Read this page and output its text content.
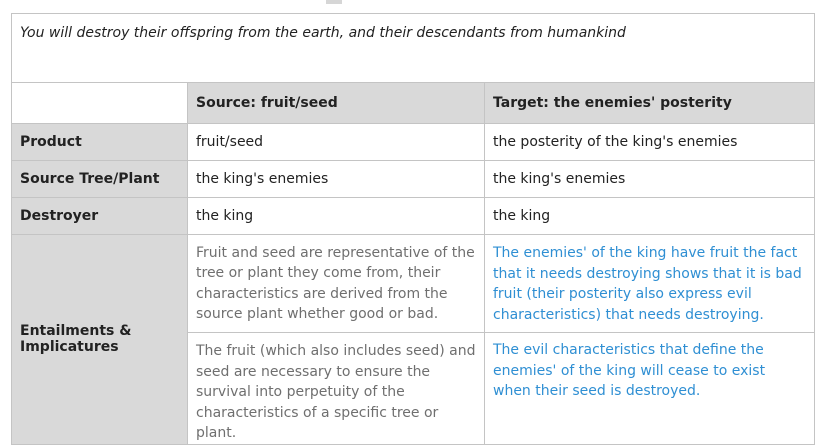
You will destroy their offspring from the earth, and their descendants from humankind		
	Source: fruit/seed	Target: the enemies' posterity
Product	fruit/seed	the posterity of the king's enemies
Source Tree/Plant	the king's enemies	the king's enemies
Destroyer	the king	the king
Entailments & Implicatures	Fruit and seed are representative of the tree or plant they come from, their characteristics are derived from the source plant whether good or bad.	The enemies' of the king have fruit the fact that it needs destroying shows that it is bad fruit (their posterity also express evil characteristics) that needs destroying.
	The fruit (which also includes seed) and seed are necessary to ensure the survival into perpetuity of the characteristics of a specific tree or plant.	The evil characteristics that define the enemies' of the king will cease to exist when their seed is destroyed.
